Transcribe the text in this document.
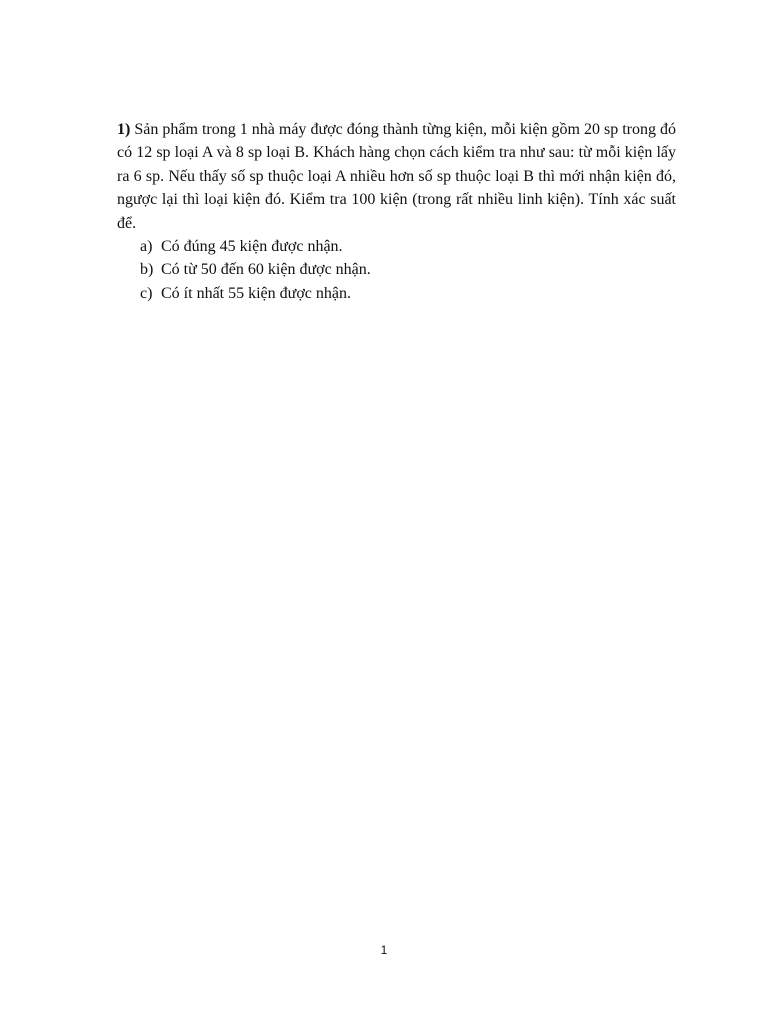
1) Sản phẩm trong 1 nhà máy được đóng thành từng kiện, mỗi kiện gồm 20 sp trong đó có 12 sp loại A và 8 sp loại B. Khách hàng chọn cách kiểm tra như sau: từ mỗi kiện lấy ra 6 sp. Nếu thấy số sp thuộc loại A nhiều hơn số sp thuộc loại B thì mới nhận kiện đó, ngược lại thì loại kiện đó. Kiểm tra 100 kiện (trong rất nhiều linh kiện). Tính xác suất để.

a) Có đúng 45 kiện được nhận.
b) Có từ 50 đến 60 kiện được nhận.
c) Có ít nhất 55 kiện được nhận.
1
